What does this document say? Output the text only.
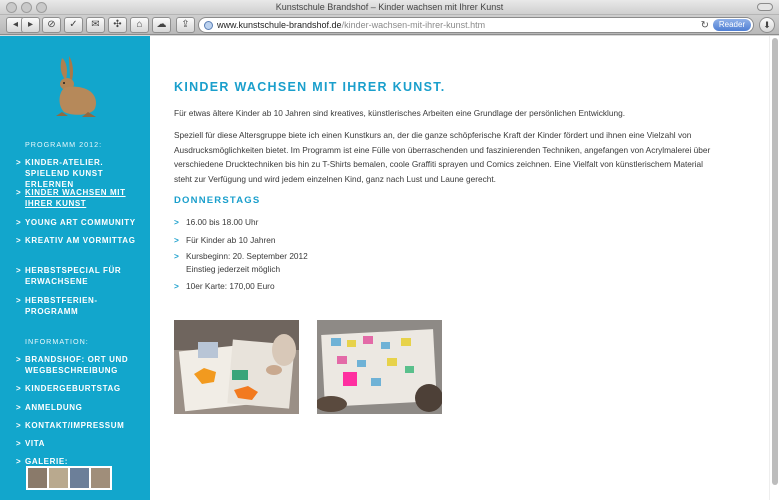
Kunstschule Brandshof – Kinder wachsen mit Ihrer Kunst
◂ ▸	⊘	✓	✉	✣	⌂	☁	⇪	www.kunstschule-brandshof.de/kinder-wachsen-mit-ihrer-kunst.htm	↻	Reader	⬇
PROGRAMM 2012:
> KINDER-ATELIER. SPIELEND KUNST ERLERNEN
> KINDER WACHSEN MIT IHRER KUNST
> YOUNG ART COMMUNITY
> KREATIV AM VORMITTAG
> HERBSTSPECIAL FÜR ERWACHSENE
> HERBSTFERIEN-PROGRAMM
INFORMATION:
> BRANDSHOF: ORT UND WEGBESCHREIBUNG
> KINDERGEBURTSTAG
> ANMELDUNG
> KONTAKT/IMPRESSUM
> VITA
> GALERIE:
KINDER WACHSEN MIT IHRER KUNST.

Für etwas ältere Kinder ab 10 Jahren sind kreatives, künstlerisches Arbeiten eine Grundlage der persönlichen Entwicklung.

Speziell für diese Altersgruppe biete ich einen Kunstkurs an, der die ganze schöpferische Kraft der Kinder fördert und ihnen eine Vielzahl von Ausdrucksmöglichkeiten bietet. Im Programm ist eine Fülle von überraschenden und faszinierenden Techniken, angefangen von Acrylmalerei über verschiedene Drucktechniken bis hin zu T-Shirts bemalen, coole Graffiti sprayen und Comics zeichnen. Eine Vielfalt von künstlerischem Material steht zur Verfügung und wird jedem einzelnen Kind, ganz nach Lust und Laune gerecht.

DONNERSTAGS
> 16.00 bis 18.00 Uhr
> Für Kinder ab 10 Jahren
> Kursbeginn: 20. September 2012
Einstieg jederzeit möglich
> 10er Karte: 170,00 Euro
